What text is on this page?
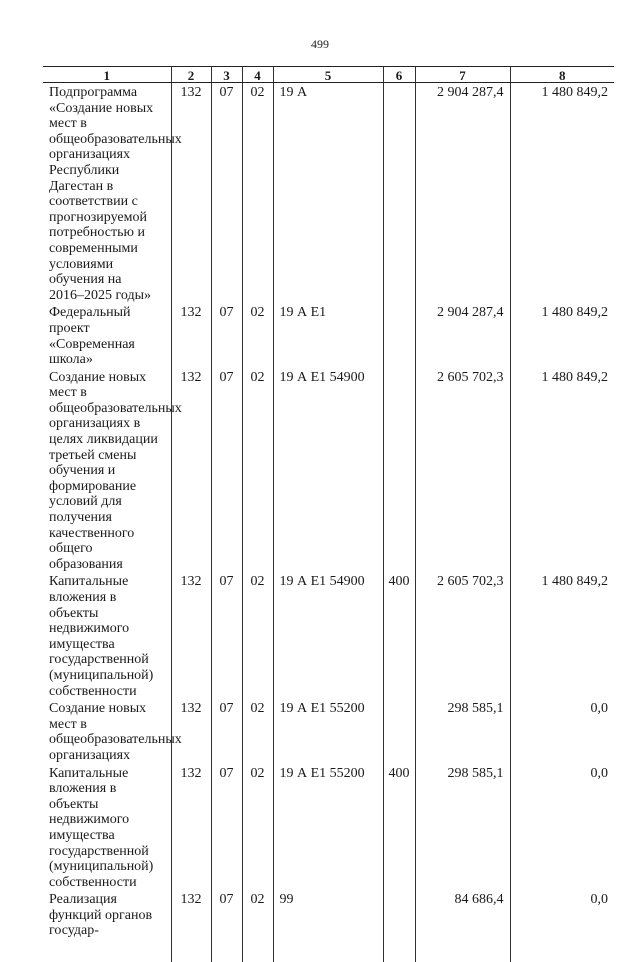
499
1	2	3	4	5	6	7	8

Подпрограмма «Создание новых мест в общеобразовательных организациях Республики Дагестан в соответствии с прогнозируемой потребностью и современными условиями обучения на 2016–2025 годы»	132	07	02	19 А		2 904 287,4	1 480 849,2

Федеральный проект «Современная школа»	132	07	02	19 А Е1		2 904 287,4	1 480 849,2

Создание новых мест в общеобразовательных организациях в целях ликвидации третьей смены обучения и формирование условий для получения качественного общего образования	132	07	02	19 А Е1 54900		2 605 702,3	1 480 849,2

Капитальные вложения в объекты недвижимого имущества государственной (муниципальной) собственности	132	07	02	19 А Е1 54900	400	2 605 702,3	1 480 849,2

Создание новых мест в общеобразовательных организациях	132	07	02	19 А Е1 55200		298 585,1	0,0

Капитальные вложения в объекты недвижимого имущества государственной (муниципальной) собственности	132	07	02	19 А Е1 55200	400	298 585,1	0,0

Реализация функций органов государ-	132	07	02	99		84 686,4	0,0
